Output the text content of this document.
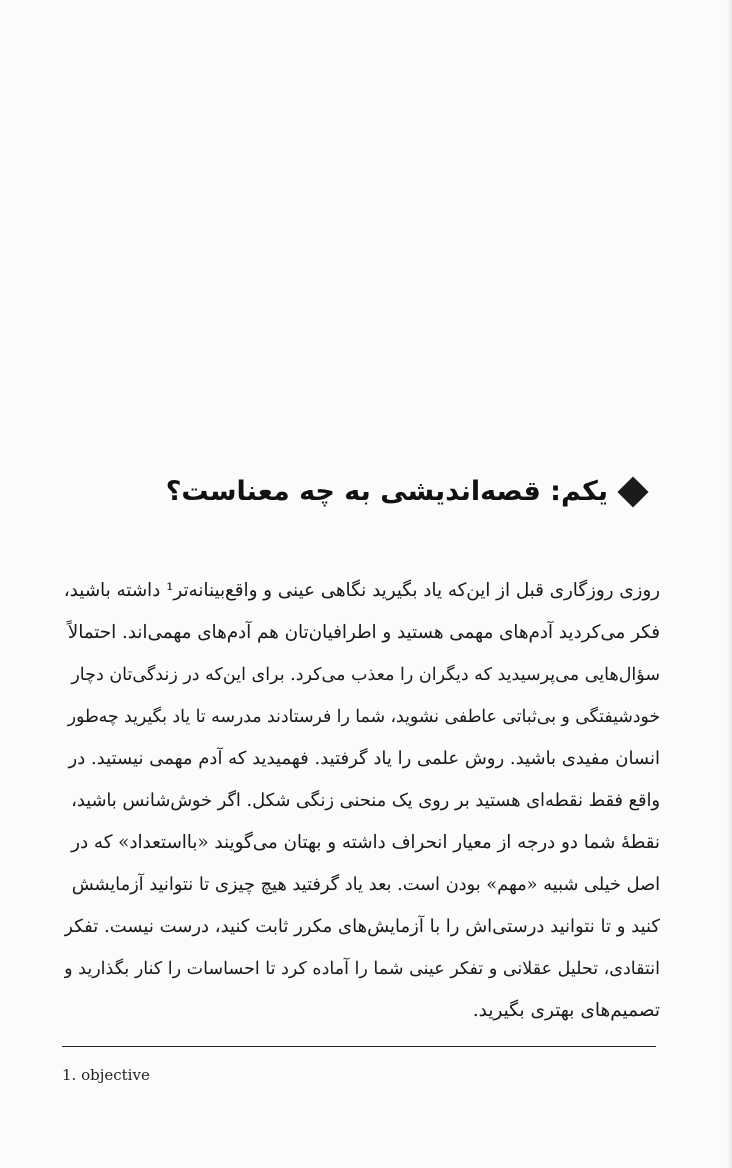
یکم: قصه‌اندیشی به چه معناست؟
روزی روزگاری قبل از این‌که یاد بگیرید نگاهی عینی و واقع‌بینانه‌تر¹ داشته باشید،
فکر می‌کردید آدم‌های مهمی هستید و اطرافیان‌تان هم آدم‌های مهمی‌اند. احتمالاً
سؤال‌هایی می‌پرسیدید که دیگران را معذب می‌کرد. برای این‌که در زندگی‌تان دچار
خودشیفتگی و بی‌ثباتی عاطفی نشوید، شما را فرستادند مدرسه تا یاد بگیرید چه‌طور
انسان مفیدی باشید. روش علمی را یاد گرفتید. فهمیدید که آدم مهمی نیستید. در
واقع فقط نقطه‌ای هستید بر روی یک منحنی زنگی شکل. اگر خوش‌شانس باشید،
نقطهٔ شما دو درجه از معیار انحراف داشته و بهتان می‌گویند «بااستعداد» که در
اصل خیلی شبیه «مهم» بودن است. بعد یاد گرفتید هیچ چیزی تا نتوانید آزمایشش
کنید و تا نتوانید درستی‌اش را با آزمایش‌های مکرر ثابت کنید، درست نیست. تفکر
انتقادی، تحلیل عقلانی و تفکر عینی شما را آماده کرد تا احساسات را کنار بگذارید و
تصمیم‌های بهتری بگیرید.
1. objective
